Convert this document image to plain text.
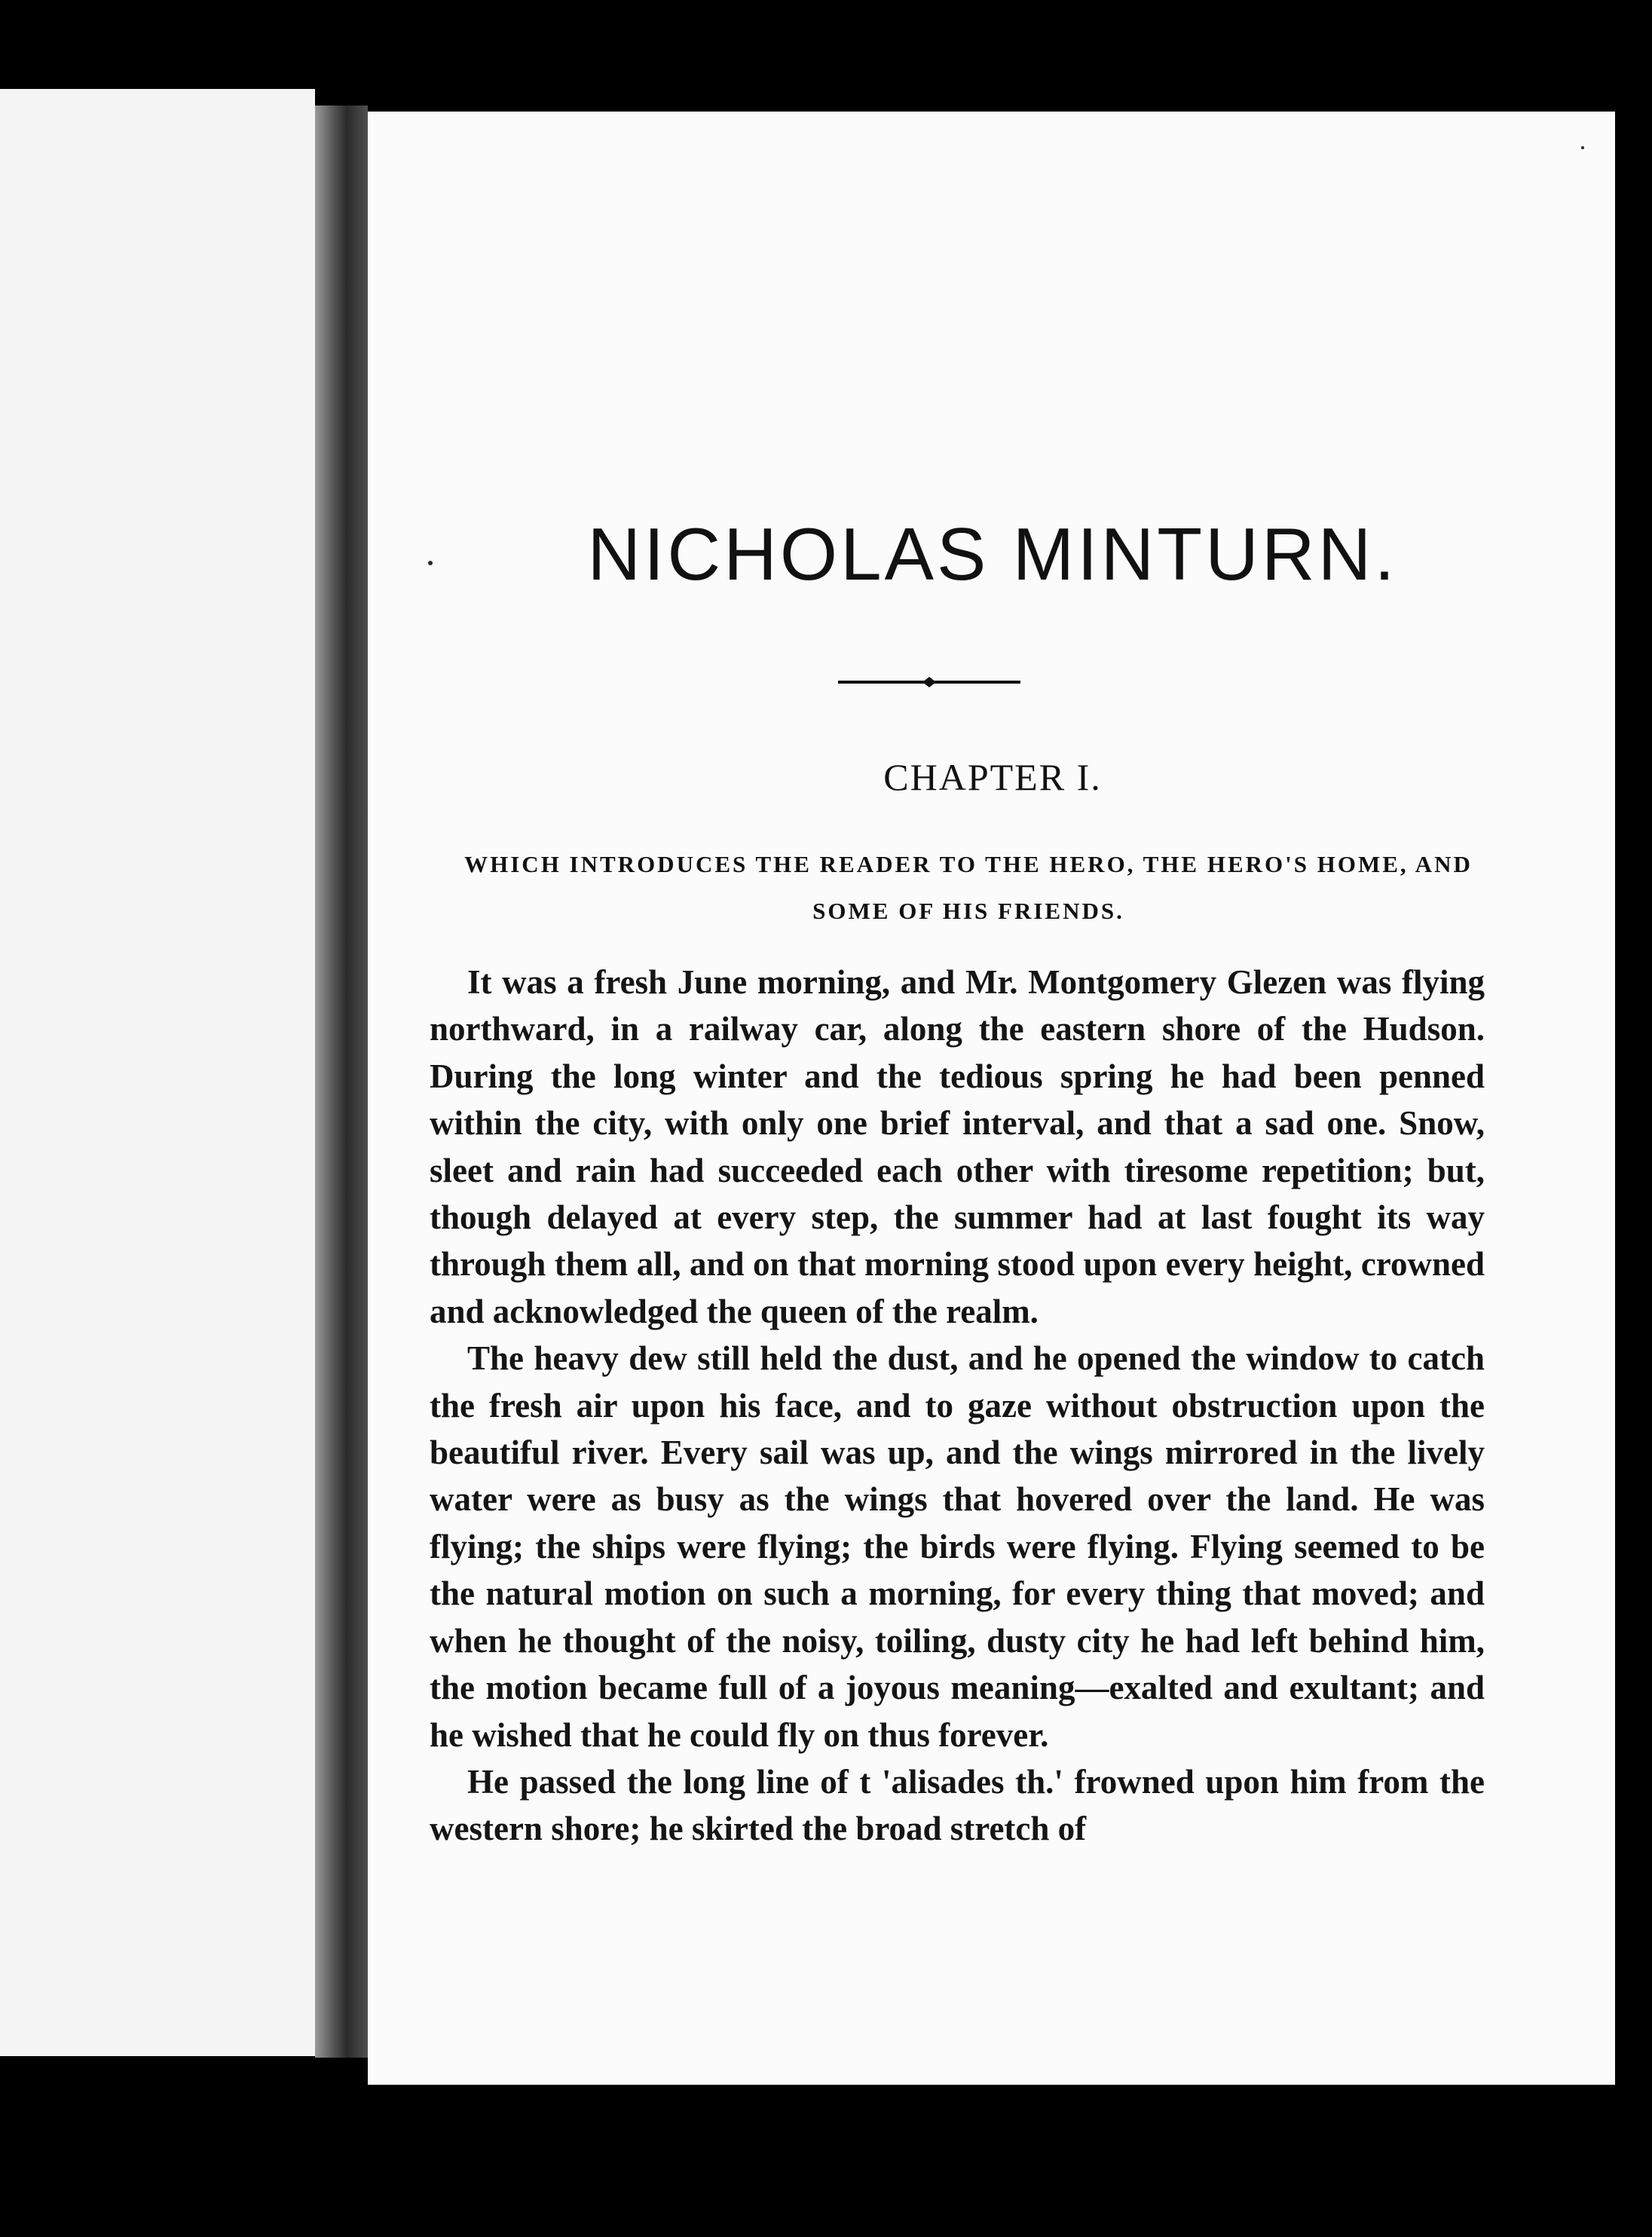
NICHOLAS MINTURN.
CHAPTER I.
WHICH INTRODUCES THE READER TO THE HERO, THE HERO'S HOME, AND SOME OF HIS FRIENDS.

It was a fresh June morning, and Mr. Montgomery Glezen was flying northward, in a railway car, along the eastern shore of the Hudson. During the long winter and the tedious spring he had been penned within the city, with only one brief interval, and that a sad one. Snow, sleet and rain had succeeded each other with tiresome repetition; but, though delayed at every step, the summer had at last fought its way through them all, and on that morning stood upon every height, crowned and acknowledged the queen of the realm.

The heavy dew still held the dust, and he opened the window to catch the fresh air upon his face, and to gaze without obstruction upon the beautiful river. Every sail was up, and the wings mirrored in the lively water were as busy as the wings that hovered over the land. He was flying; the ships were flying; the birds were flying. Flying seemed to be the natural motion on such a morning, for every thing that moved; and when he thought of the noisy, toiling, dusty city he had left behind him, the motion became full of a joyous meaning—exalted and exultant; and he wished that he could fly on thus forever.

He passed the long line of t 'alisades th.' frowned upon him from the western shore; he skirted the broad stretch of
